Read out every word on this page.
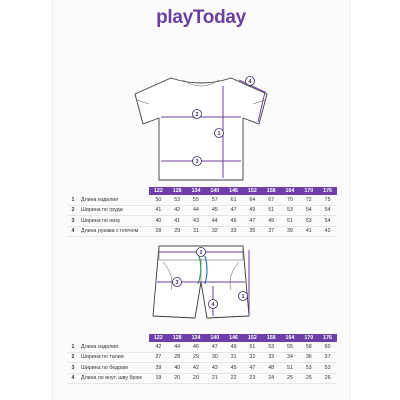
playToday
1
2
3
4
1
2
3
4
		122	128	134	140	146	152	158	164	170	176
1	Длина изделия	50	53	55	57	61	64	67	70	72	75
2	Ширина по груди	41	42	44	45	47	49	51	53	54	54
3	Ширина по низу	40	41	43	44	46	47	49	51	53	54
4	Длина рукава с плечом	28	29	31	32	33	35	37	39	41	42
		122	128	134	140	146	152	158	164	170	176
1	Длина изделия	42	44	46	47	49	51	53	55	58	60
2	Ширина по талии	27	28	29	30	31	32	33	34	36	37
3	Ширина по бедрам	39	40	42	43	45	47	48	51	53	53
4	Длина по внут. шву брюк	19	20	20	21	22	23	24	25	25	26
